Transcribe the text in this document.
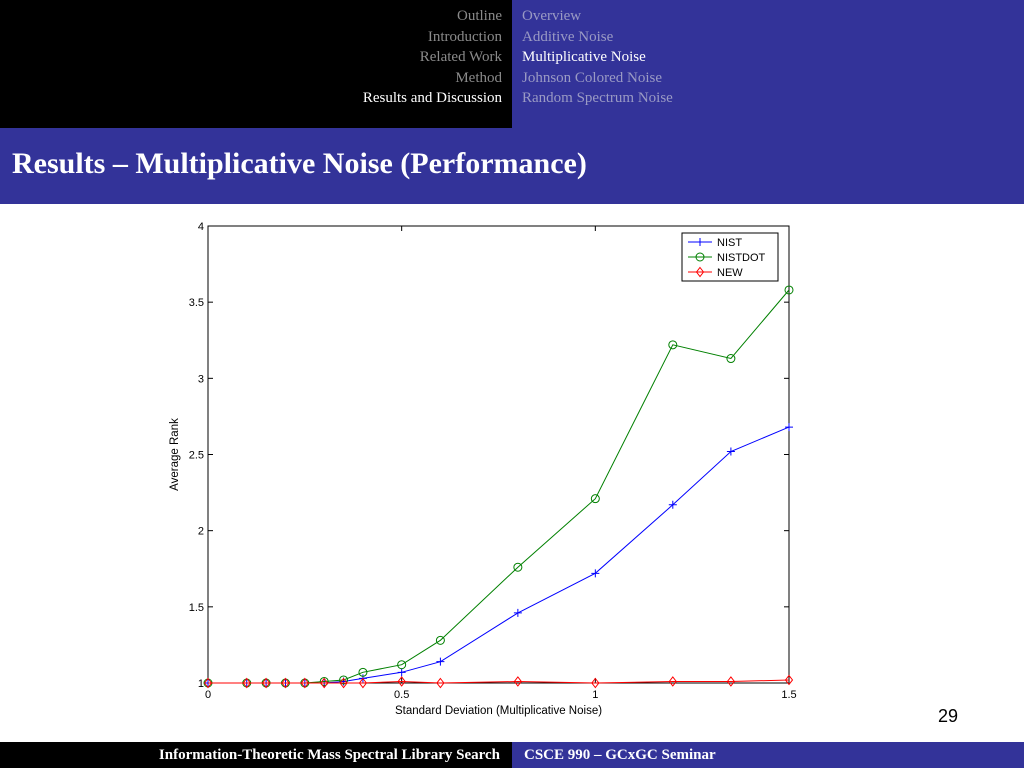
Outline
Introduction
Related Work
Method
Results and Discussion
Overview
Additive Noise
Multiplicative Noise
Johnson Colored Noise
Random Spectrum Noise
Results – Multiplicative Noise (Performance)
1
1.5
2
2.5
3
3.5
4
0	0.5	1	1.5
Standard Deviation (Multiplicative Noise)
Average Rank
NIST
NISTDOT
NEW
29
Information-Theoretic Mass Spectral Library Search CSCE 990 – GCxGC Seminar
